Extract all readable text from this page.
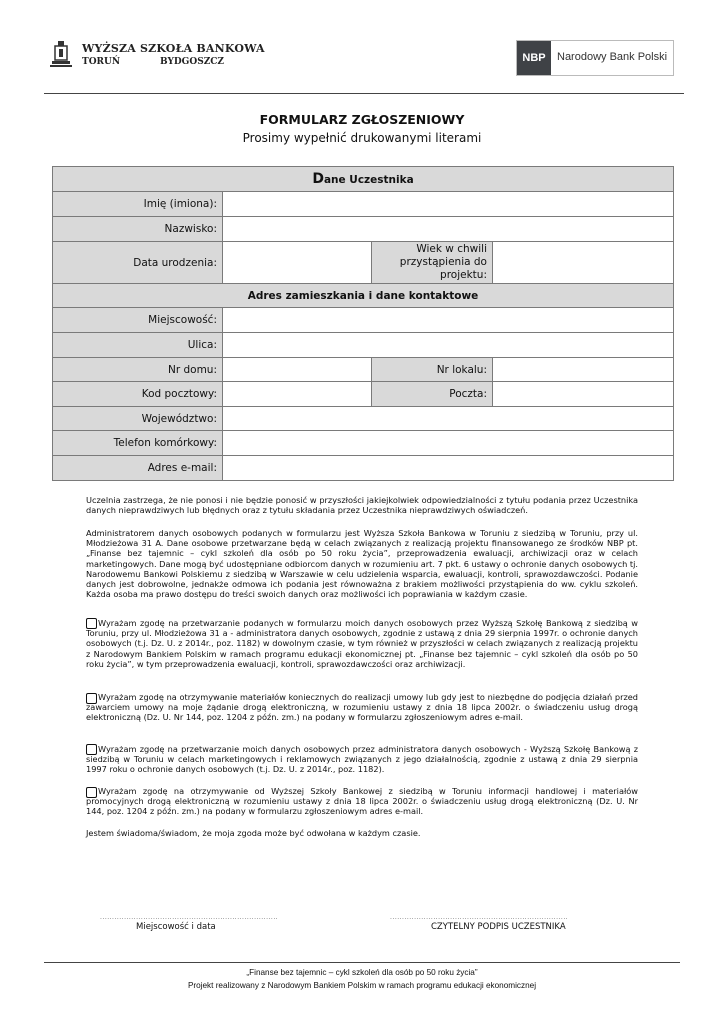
WYŻSZA SZKOŁA BANKOWA
TORUŃ	BYDGOSZCZ	NBP	Narodowy Bank Polski
FORMULARZ ZGŁOSZENIOWY
Prosimy wypełnić drukowanymi literami
Dane Uczestnika			
Imię (imiona):			
Nazwisko:			
Data urodzenia:		Wiek w chwili przystąpienia do projektu:	
Adres zamieszkania i dane kontaktowe			
Miejscowość:			
Ulica:			
Nr domu:		Nr lokalu:	
Kod pocztowy:		Poczta:	
Województwo:			
Telefon komórkowy:			
Adres e-mail:			
Uczelnia zastrzega, że nie ponosi i nie będzie ponosić w przyszłości jakiejkolwiek odpowiedzialności z tytułu podania przez Uczestnika danych nieprawdziwych lub błędnych oraz z tytułu składania przez Uczestnika nieprawdziwych oświadczeń.
Administratorem danych osobowych podanych w formularzu jest Wyższa Szkoła Bankowa w Toruniu z siedzibą w Toruniu, przy ul. Młodzieżowa 31 A. Dane osobowe przetwarzane będą w celach związanych z realizacją projektu finansowanego ze środków NBP pt. „Finanse bez tajemnic – cykl szkoleń dla osób po 50 roku życia”, przeprowadzenia ewaluacji, archiwizacji oraz w celach marketingowych. Dane mogą być udostępniane odbiorcom danych w rozumieniu art. 7 pkt. 6 ustawy o ochronie danych osobowych tj. Narodowemu Bankowi Polskiemu z siedzibą w Warszawie w celu udzielenia wsparcia, ewaluacji, kontroli, sprawozdawczości. Podanie danych jest dobrowolne, jednakże odmowa ich podania jest równoważna z brakiem możliwości przystąpienia do ww. cyklu szkoleń. Każda osoba ma prawo dostępu do treści swoich danych oraz możliwości ich poprawiania w każdym czasie.
Wyrażam zgodę na przetwarzanie podanych w formularzu moich danych osobowych przez Wyższą Szkołę Bankową z siedzibą w Toruniu, przy ul. Młodzieżowa 31 a - administratora danych osobowych, zgodnie z ustawą z dnia 29 sierpnia 1997r. o ochronie danych osobowych (t.j. Dz. U. z 2014r., poz. 1182) w dowolnym czasie, w tym również w przyszłości w celach związanych z realizacją projektu z Narodowym Bankiem Polskim w ramach programu edukacji ekonomicznej pt. „Finanse bez tajemnic – cykl szkoleń dla osób po 50 roku życia”, w tym przeprowadzenia ewaluacji, kontroli, sprawozdawczości oraz archiwizacji.
Wyrażam zgodę na otrzymywanie materiałów koniecznych do realizacji umowy lub gdy jest to niezbędne do podjęcia działań przed zawarciem umowy na moje żądanie drogą elektroniczną, w rozumieniu ustawy z dnia 18 lipca 2002r. o świadczeniu usług drogą elektroniczną (Dz. U. Nr 144, poz. 1204 z późn. zm.) na podany w formularzu zgłoszeniowym adres e-mail.
Wyrażam zgodę na przetwarzanie moich danych osobowych przez administratora danych osobowych - Wyższą Szkołę Bankową z siedzibą w Toruniu w celach marketingowych i reklamowych związanych z jego działalnością, zgodnie z ustawą z dnia 29 sierpnia 1997 roku o ochronie danych osobowych (t.j. Dz. U. z 2014r., poz. 1182).
Wyrażam zgodę na otrzymywanie od Wyższej Szkoły Bankowej z siedzibą w Toruniu informacji handlowej i materiałów promocyjnych drogą elektroniczną w rozumieniu ustawy z dnia 18 lipca 2002r. o świadczeniu usług drogą elektroniczną (Dz. U. Nr 144, poz. 1204 z późn. zm.) na podany w formularzu zgłoszeniowym adres e-mail.
Jestem świadoma/świadom, że moja zgoda może być odwołana w każdym czasie.
..........................................................................	..........................................................................
Miejscowość i data	CZYTELNY PODPIS UCZESTNIKA
„Finanse bez tajemnic – cykl szkoleń dla osób po 50 roku życia”
Projekt realizowany z Narodowym Bankiem Polskim w ramach programu edukacji ekonomicznej
